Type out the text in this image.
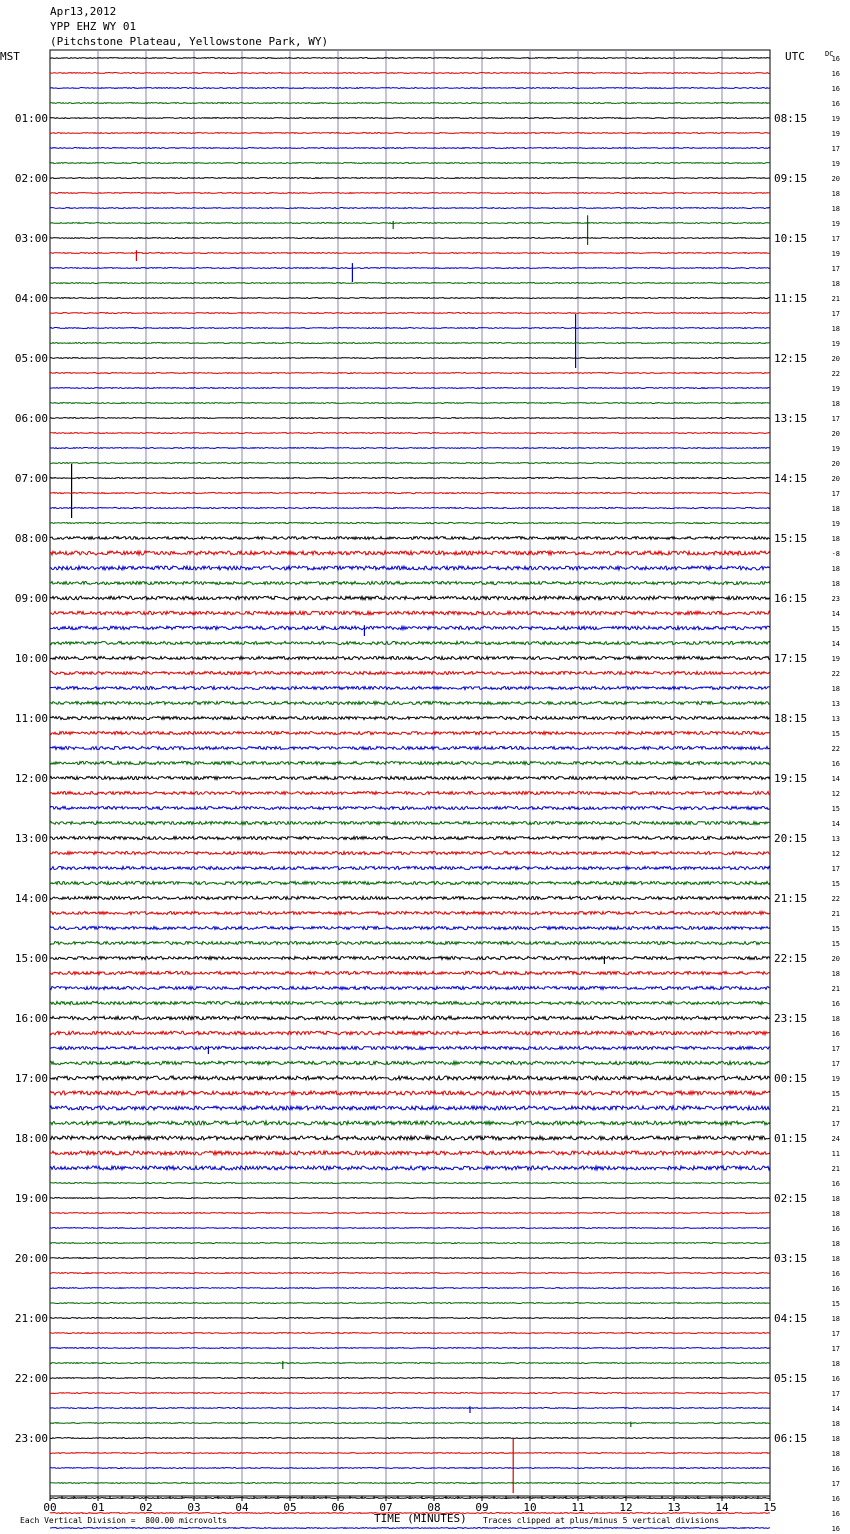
Apr13,2012
YPP EHZ WY 01
(Pitchstone Plateau, Yellowstone Park, WY)
16
16
16
16
19
19
17
19
20
18
18
19
17
19
17
18
21
17
18
19
20
22
19
18
17
20
19
20
20
17
18
19
18
-8
18
18
23
14
15
14
19
22
18
13
13
15
22
16
14
12
15
14
13
12
17
15
22
21
15
15
20
18
21
16
18
16
17
17
19
15
21
17
24
11
21
16
18
18
16
18
18
16
16
15
18
17
17
18
16
17
14
18
18
18
16
17
16
16
16
MST	UTC	DC
01:00	08:15
02:00	09:15
03:00	10:15
04:00	11:15
05:00	12:15
06:00	13:15
07:00	14:15
08:00	15:15
09:00	16:15
10:00	17:15
11:00	18:15
12:00	19:15
13:00	20:15
14:00	21:15
15:00	22:15
16:00	23:15
17:00	00:15
18:00	01:15
19:00	02:15
20:00	03:15
21:00	04:15
22:00	05:15
23:00	06:15
00	01	02	03	04	05	06	07	08	09	10	11	12	13	14	15
Each Vertical Division =  800.00 microvolts	TIME (MINUTES) Traces clipped at plus/minus 5 vertical divisions
